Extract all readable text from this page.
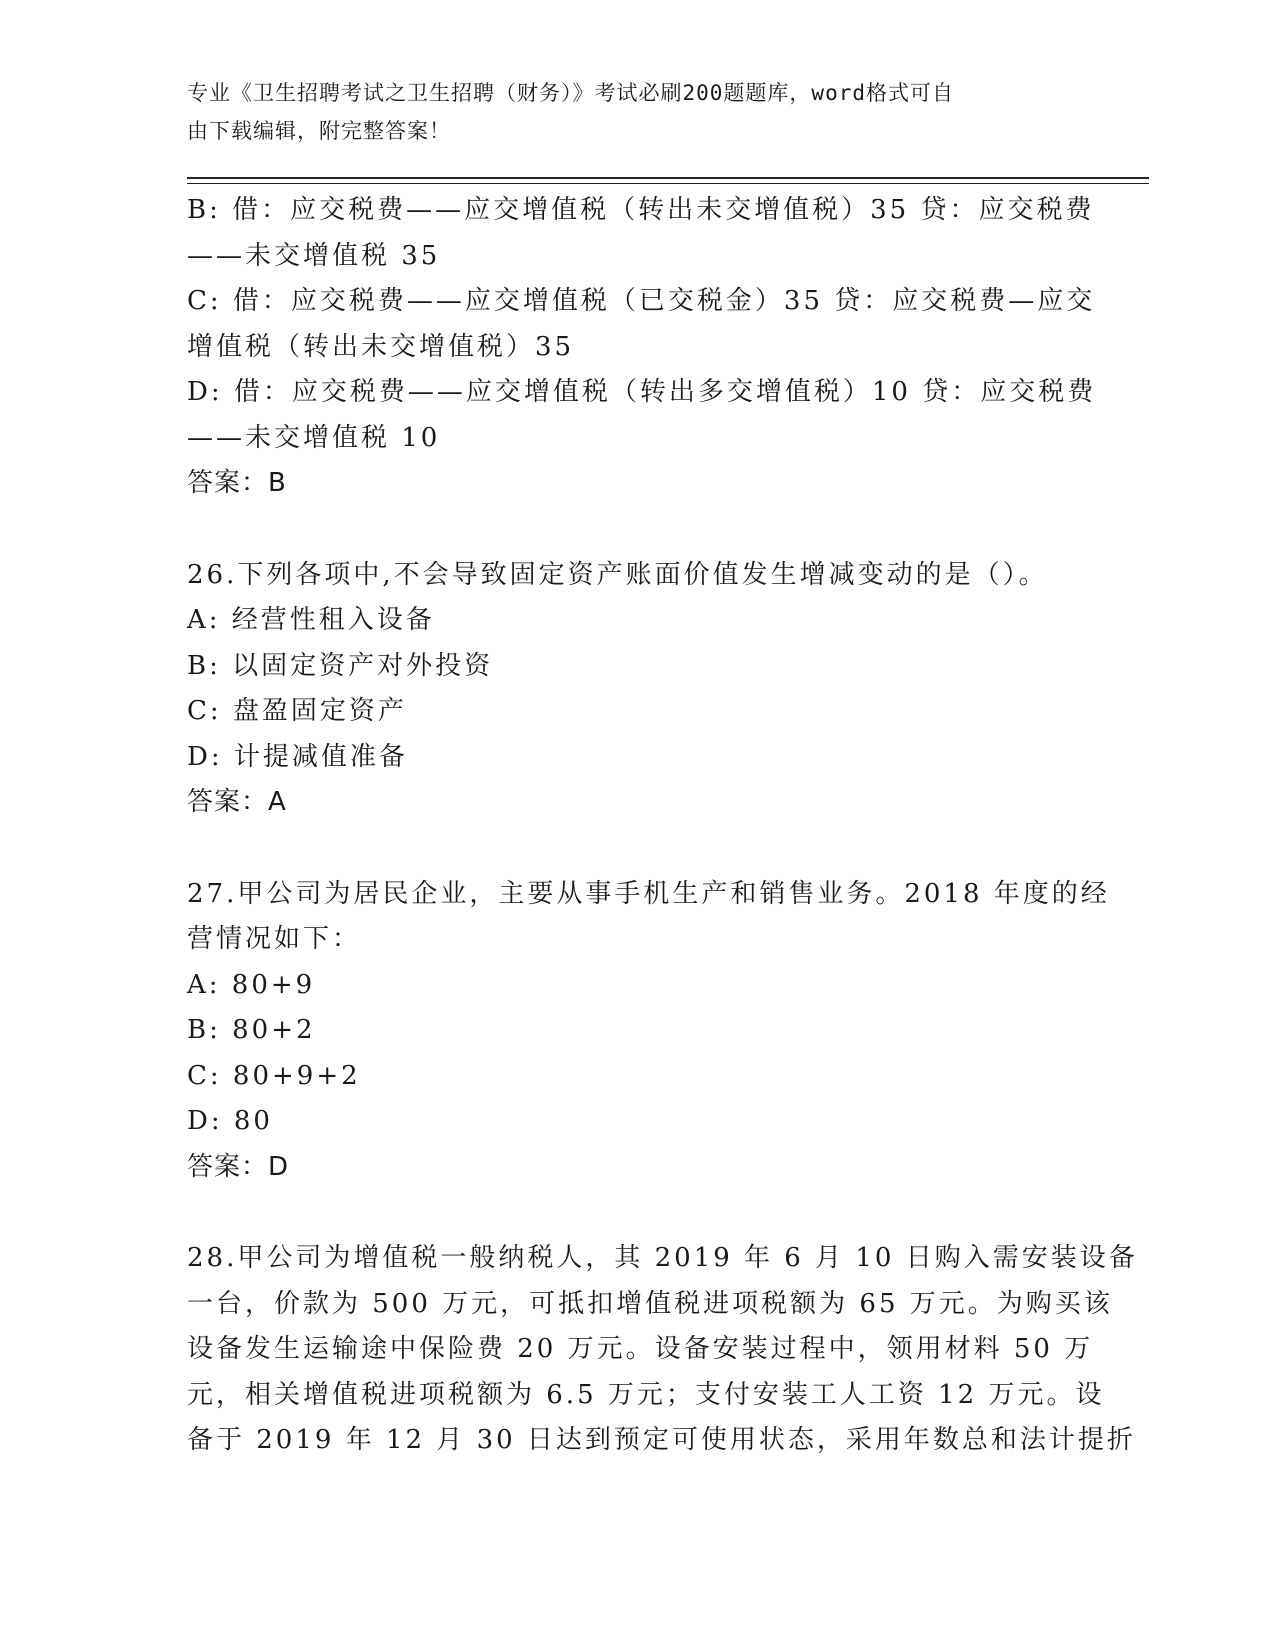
专业《卫生招聘考试之卫生招聘（财务）》考试必刷200题题库，word格式可自
由下载编辑，附完整答案！
B: 借：应交税费——应交增值税（转出未交增值税）35 贷：应交税费
——未交增值税 35
C: 借：应交税费——应交增值税（已交税金）35 贷：应交税费—应交
增值税（转出未交增值税）35
D: 借：应交税费——应交增值税（转出多交增值税）10 贷：应交税费
——未交增值税 10
答案：B
26.下列各项中,不会导致固定资产账面价值发生增减变动的是（）。
A: 经营性租入设备
B: 以固定资产对外投资
C: 盘盈固定资产
D: 计提减值准备
答案：A
27.甲公司为居民企业，主要从事手机生产和销售业务。2018 年度的经
营情况如下：
A: 80+9
B: 80+2
C: 80+9+2
D: 80
答案：D
28.甲公司为增值税一般纳税人，其 2019 年 6 月 10 日购入需安装设备
一台，价款为 500 万元，可抵扣增值税进项税额为 65 万元。为购买该
设备发生运输途中保险费 20 万元。设备安装过程中，领用材料 50 万
元，相关增值税进项税额为 6.5 万元；支付安装工人工资 12 万元。设
备于 2019 年 12 月 30 日达到预定可使用状态，采用年数总和法计提折
